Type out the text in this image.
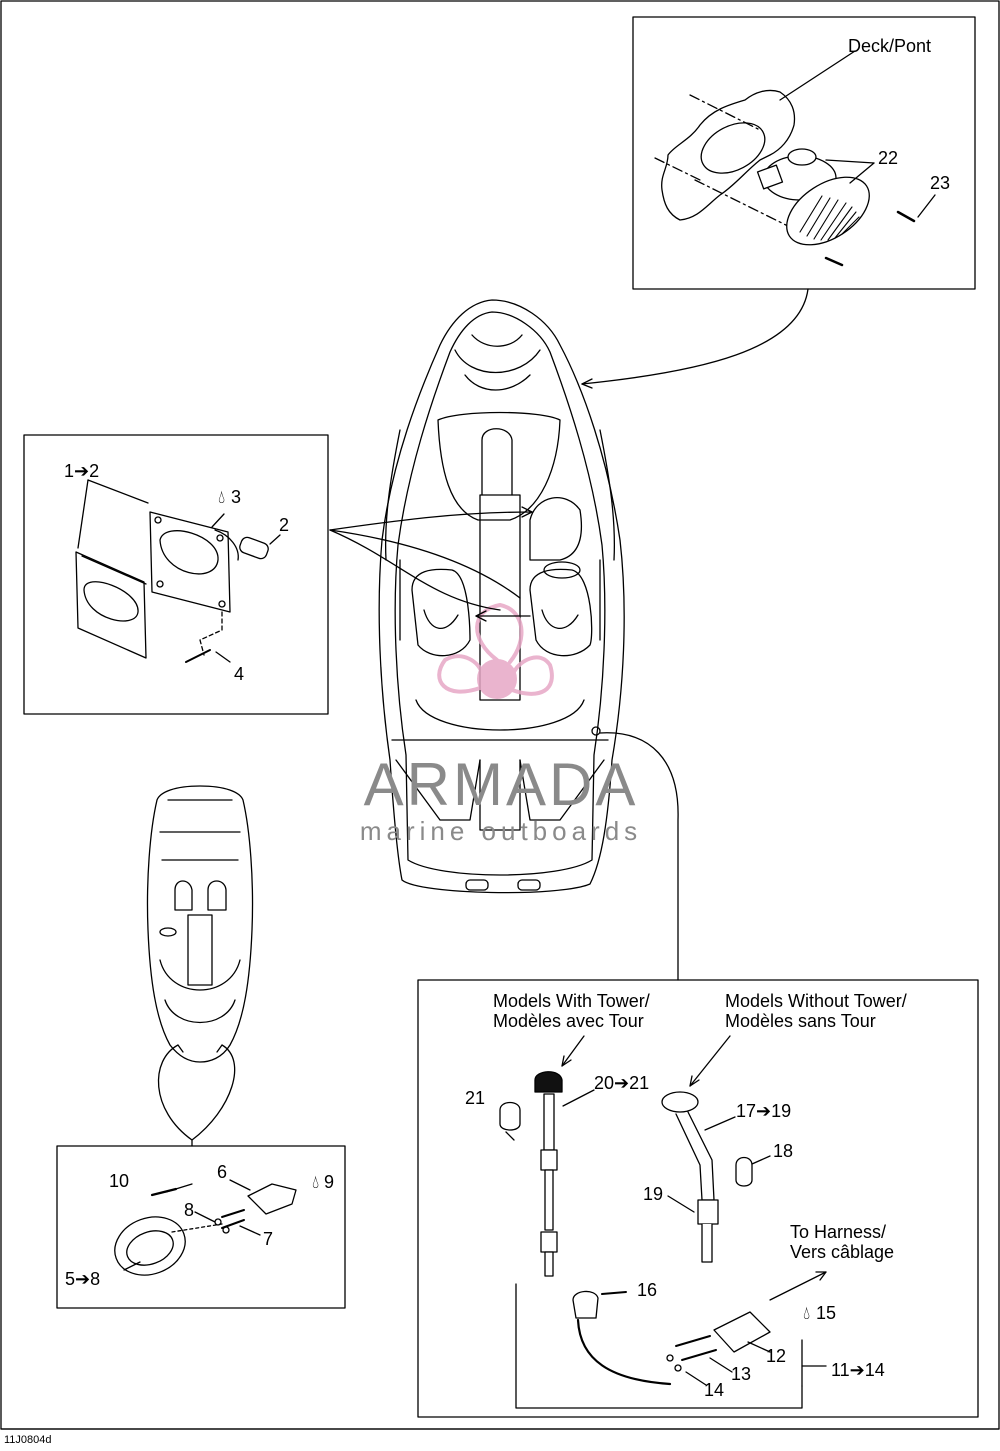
ARMADA
marine outboards
Deck/Pont
22
23
1➔2
💧︎ 3
2
4
10	6	💧︎ 9
8
7
5➔8
Models With Tower/
Modèles avec Tour
Models Without Tower/
Modèles sans Tour
21
20➔21
17➔19
18
19
To Harness/
Vers câblage
16
💧︎ 15
12
13
14
11➔14
11J0804d
